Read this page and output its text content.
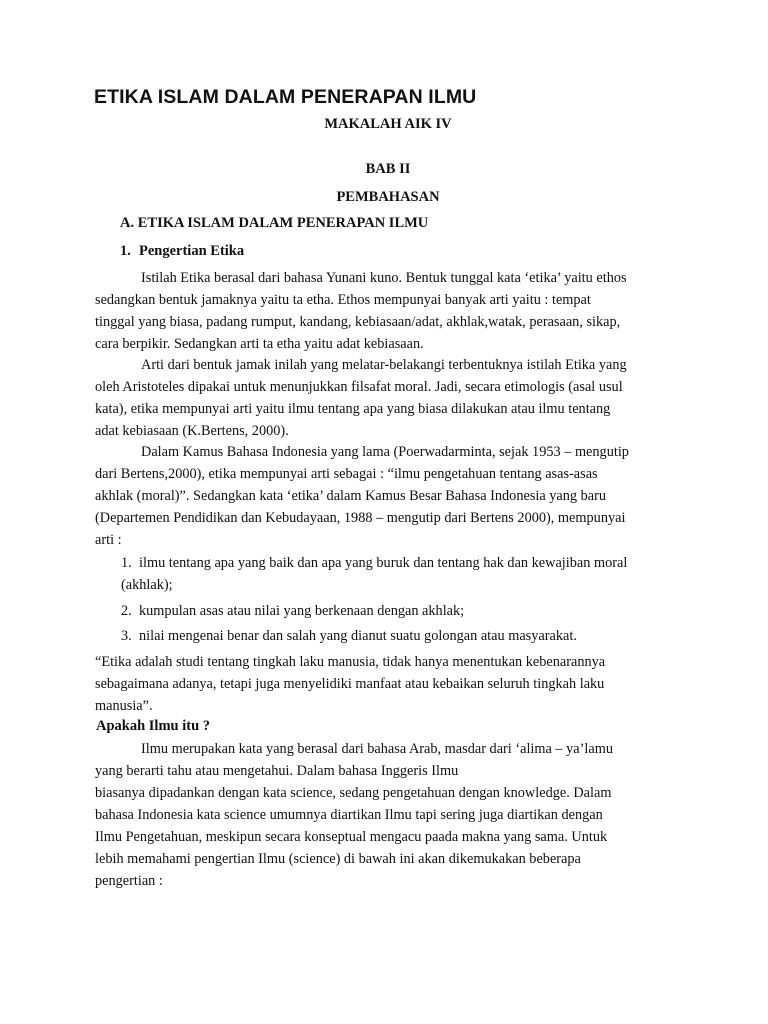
ETIKA ISLAM DALAM PENERAPAN ILMU

MAKALAH AIK IV

BAB II

PEMBAHASAN

A. ETIKA ISLAM DALAM PENERAPAN ILMU

1. Pengertian Etika

Istilah Etika berasal dari bahasa Yunani kuno. Bentuk tunggal kata ‘etika’ yaitu ethos
sedangkan bentuk jamaknya yaitu ta etha. Ethos mempunyai banyak arti yaitu : tempat
tinggal yang biasa, padang rumput, kandang, kebiasaan/adat, akhlak,watak, perasaan, sikap,
cara berpikir. Sedangkan arti ta etha yaitu adat kebiasaan.
Arti dari bentuk jamak inilah yang melatar-belakangi terbentuknya istilah Etika yang
oleh Aristoteles dipakai untuk menunjukkan filsafat moral. Jadi, secara etimologis (asal usul
kata), etika mempunyai arti yaitu ilmu tentang apa yang biasa dilakukan atau ilmu tentang
adat kebiasaan (K.Bertens, 2000).
Dalam Kamus Bahasa Indonesia yang lama (Poerwadarminta, sejak 1953 – mengutip
dari Bertens,2000), etika mempunyai arti sebagai : “ilmu pengetahuan tentang asas-asas
akhlak (moral)”. Sedangkan kata ‘etika’ dalam Kamus Besar Bahasa Indonesia yang baru
(Departemen Pendidikan dan Kebudayaan, 1988 – mengutip dari Bertens 2000), mempunyai
arti :
1. ilmu tentang apa yang baik dan apa yang buruk dan tentang hak dan kewajiban moral
(akhlak);
2. kumpulan asas atau nilai yang berkenaan dengan akhlak;
3. nilai mengenai benar dan salah yang dianut suatu golongan atau masyarakat.
“Etika adalah studi tentang tingkah laku manusia, tidak hanya menentukan kebenarannya
sebagaimana adanya, tetapi juga menyelidiki manfaat atau kebaikan seluruh tingkah laku
manusia”.

Apakah Ilmu itu ?

Ilmu merupakan kata yang berasal dari bahasa Arab, masdar dari ‘alima – ya’lamu
yang berarti tahu atau mengetahui. Dalam bahasa Inggeris Ilmu
biasanya dipadankan dengan kata science, sedang pengetahuan dengan knowledge. Dalam
bahasa Indonesia kata science umumnya diartikan Ilmu tapi sering juga diartikan dengan
Ilmu Pengetahuan, meskipun secara konseptual mengacu paada makna yang sama. Untuk
lebih memahami pengertian Ilmu (science) di bawah ini akan dikemukakan beberapa
pengertian :
